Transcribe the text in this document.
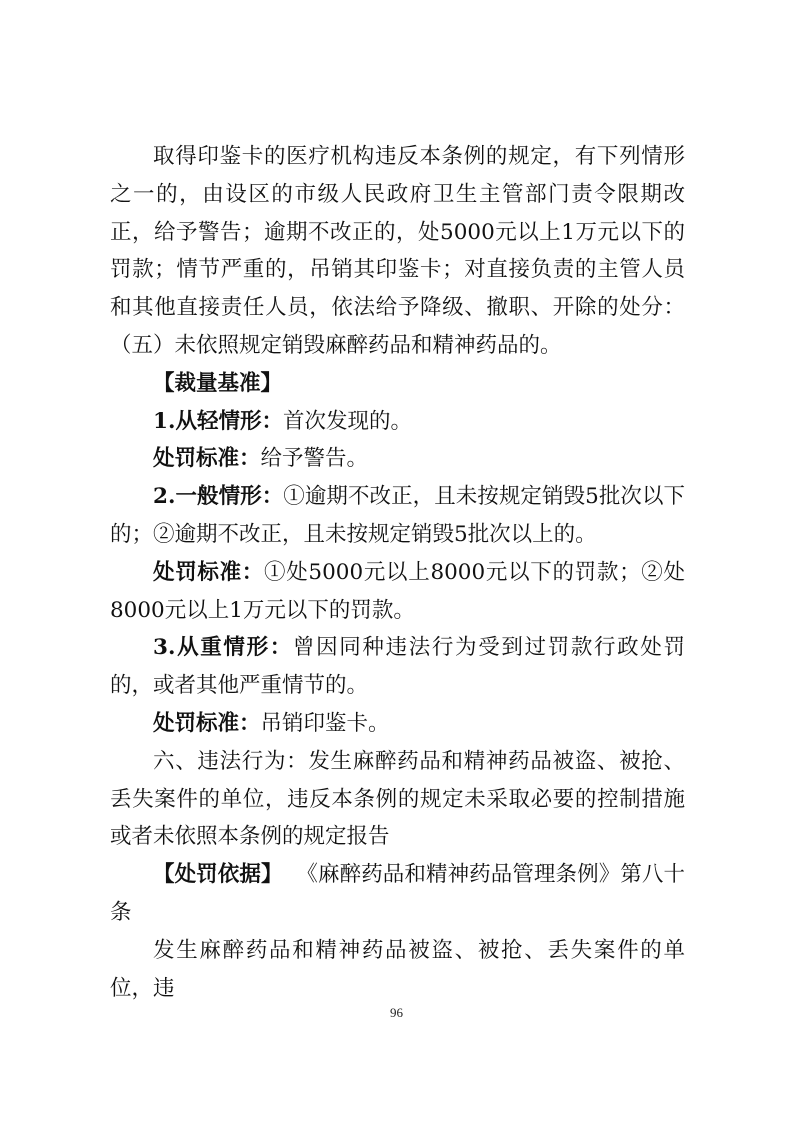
取得印鉴卡的医疗机构违反本条例的规定，有下列情形之一的，由设区的市级人民政府卫生主管部门责令限期改正，给予警告；逾期不改正的，处5000元以上1万元以下的罚款；情节严重的，吊销其印鉴卡；对直接负责的主管人员和其他直接责任人员，依法给予降级、撤职、开除的处分：（五）未依照规定销毁麻醉药品和精神药品的。

【裁量基准】

1.从轻情形：首次发现的。

处罚标准：给予警告。

2.一般情形：①逾期不改正，且未按规定销毁5批次以下的；②逾期不改正，且未按规定销毁5批次以上的。

处罚标准：①处5000元以上8000元以下的罚款；②处8000元以上1万元以下的罚款。

3.从重情形：曾因同种违法行为受到过罚款行政处罚的，或者其他严重情节的。

处罚标准：吊销印鉴卡。

六、违法行为：发生麻醉药品和精神药品被盗、被抢、丢失案件的单位，违反本条例的规定未采取必要的控制措施或者未依照本条例的规定报告

【处罚依据】  《麻醉药品和精神药品管理条例》第八十条

发生麻醉药品和精神药品被盗、被抢、丢失案件的单位，违

96
